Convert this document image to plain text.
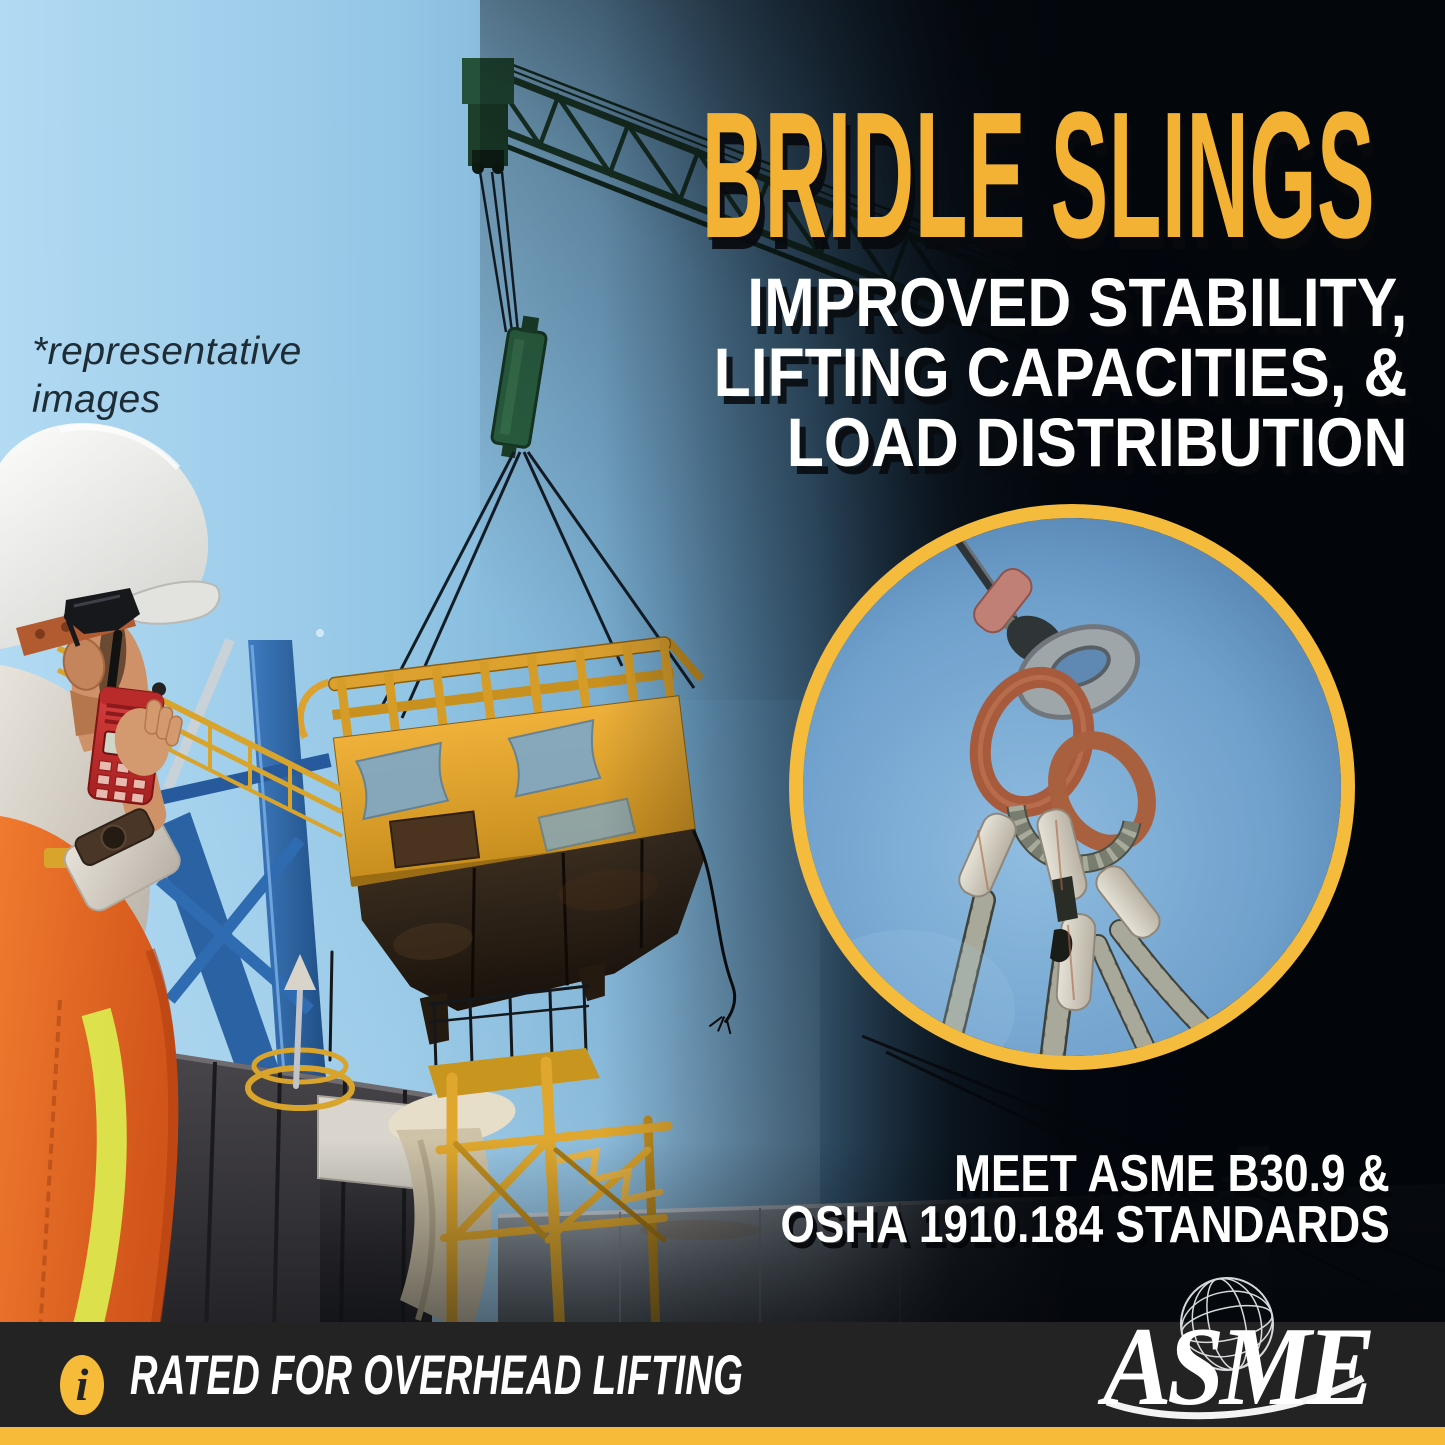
*representative
images
BRIDLE SLINGS
IMPROVED STABILITY,
LIFTING CAPACITIES, &
LOAD DISTRIBUTION
MEET ASME B30.9 &
OSHA 1910.184 STANDARDS
i RATED FOR OVERHEAD LIFTING	ASME
